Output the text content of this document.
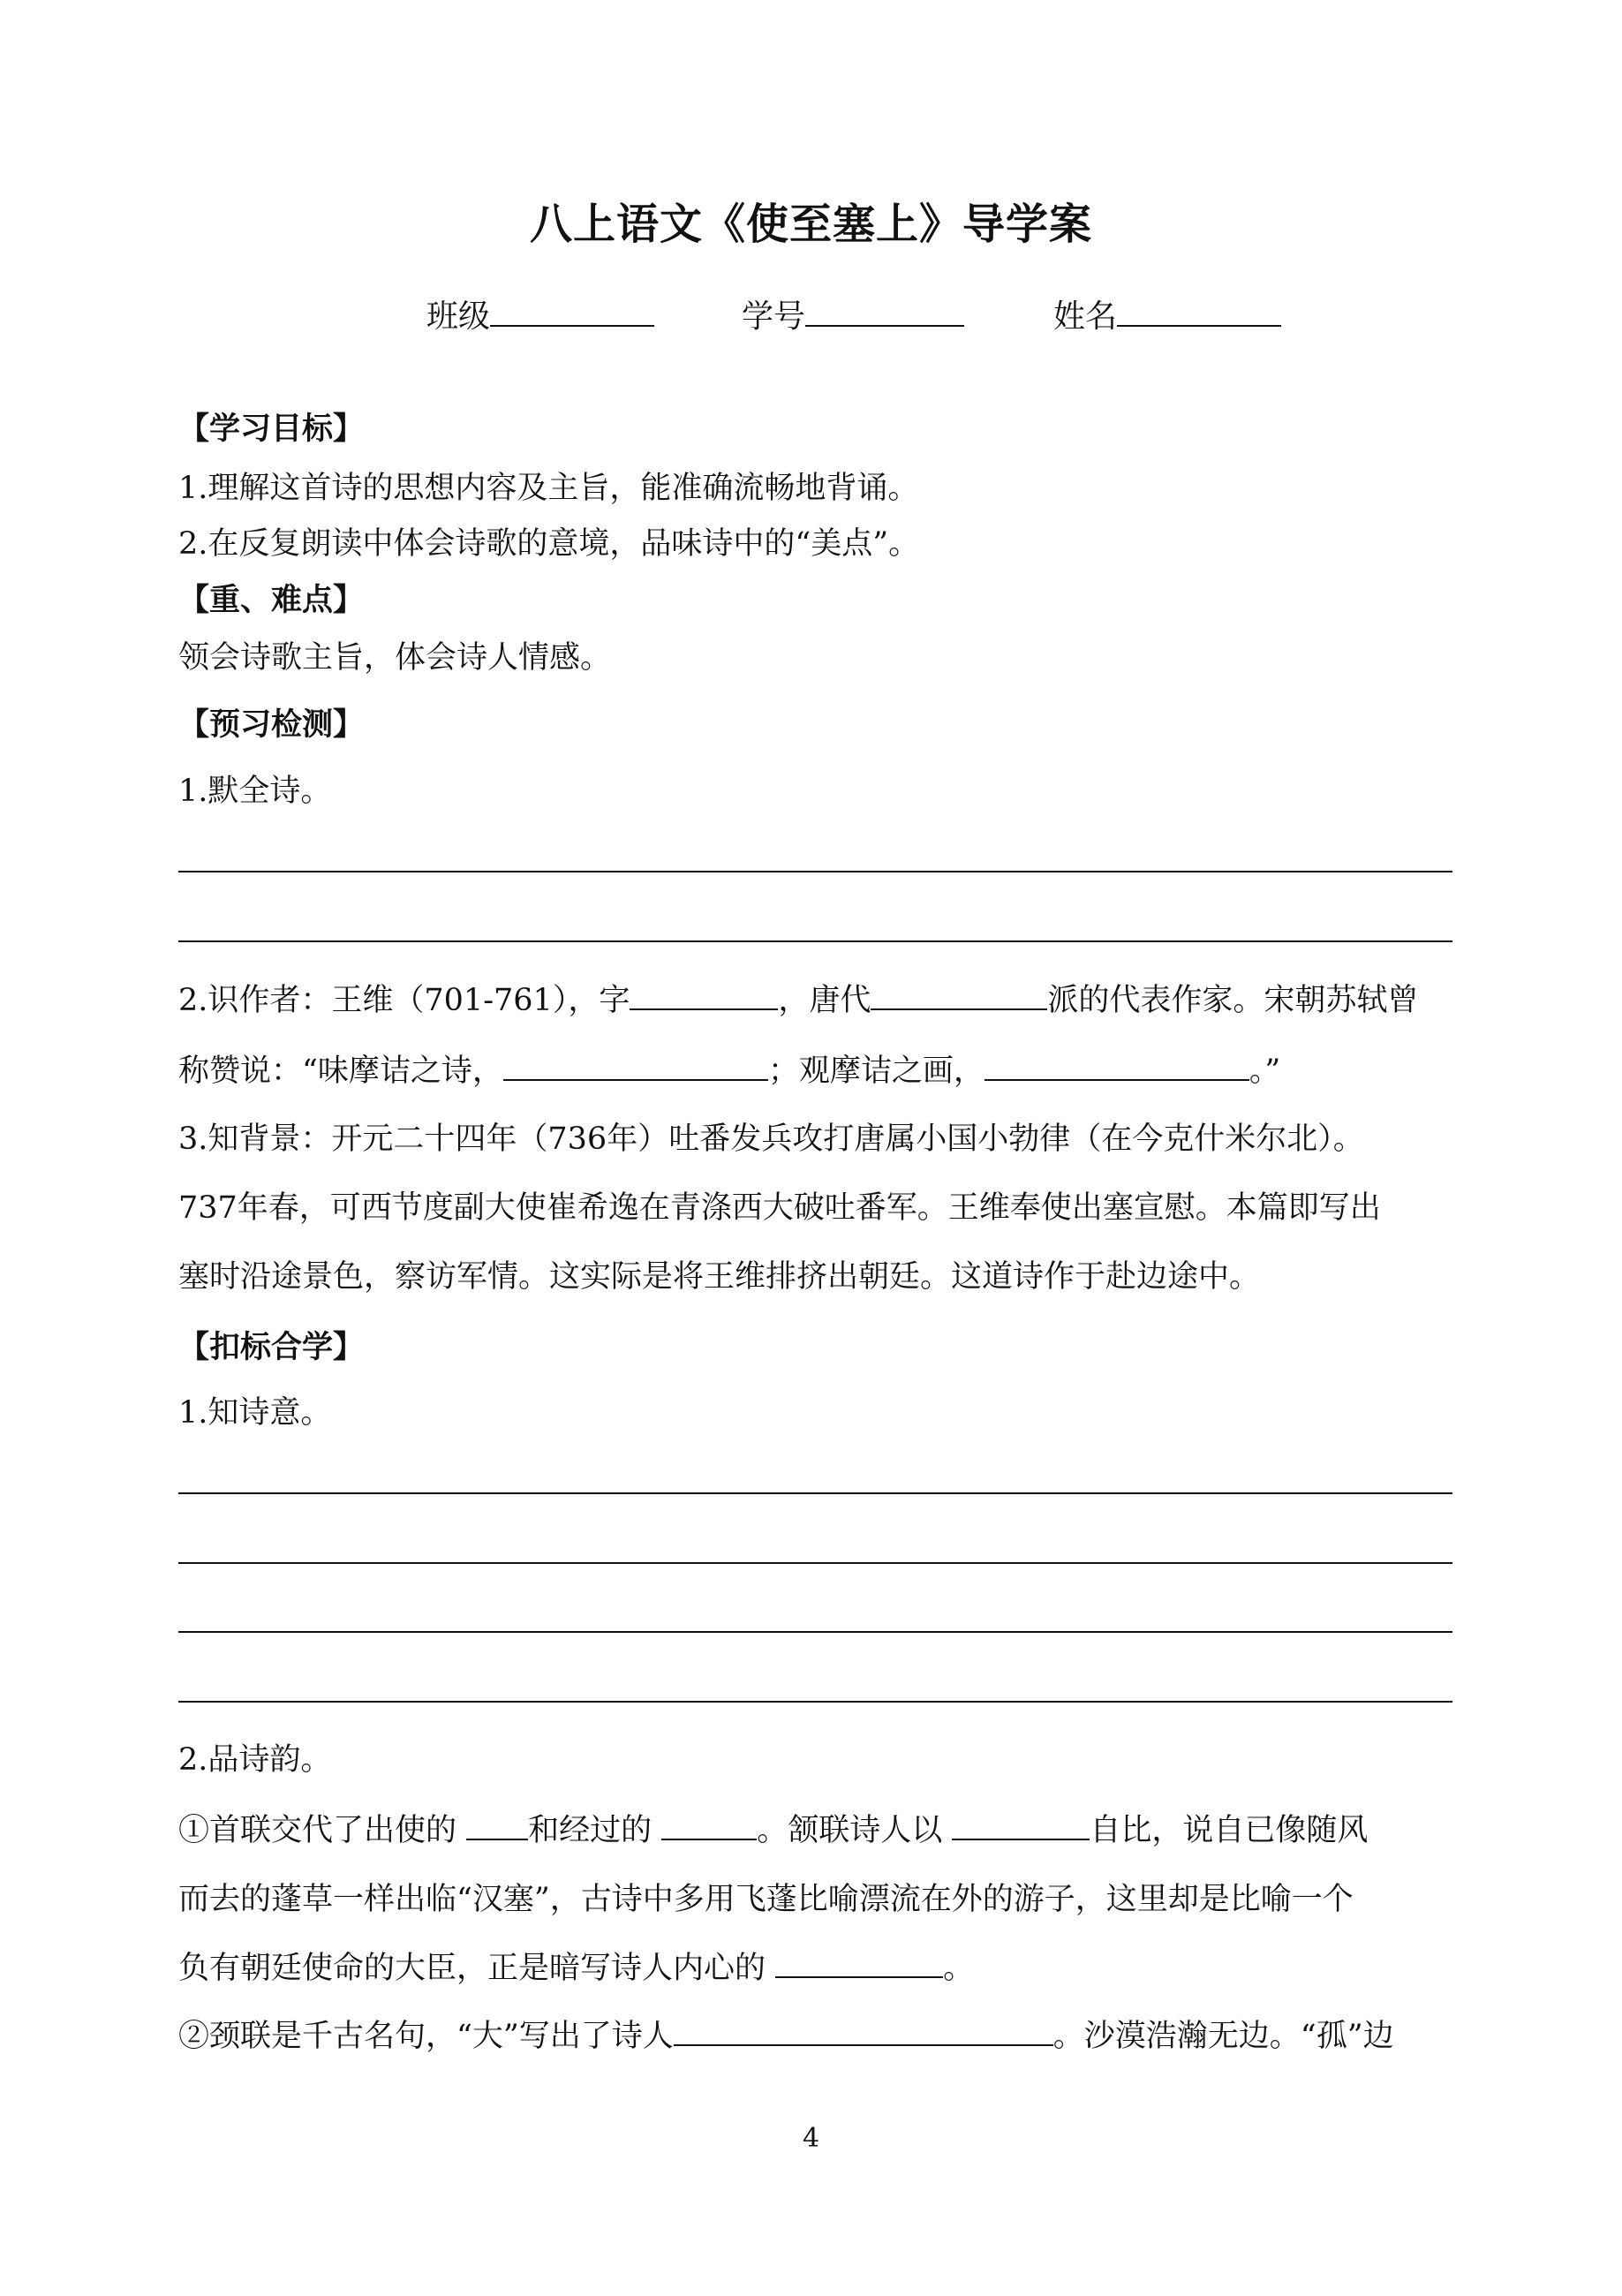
八上语文《使至塞上》导学案
班级	学号	姓名
【学习目标】
1.理解这首诗的思想内容及主旨，能准确流畅地背诵。
2.在反复朗读中体会诗歌的意境，品味诗中的“美点”。
【重、难点】
领会诗歌主旨，体会诗人情感。
【预习检测】
1.默全诗。
2.识作者：王维（701-761），字	，唐代	派的代表作家。宋朝苏轼曾
称赞说：“味摩诘之诗，	；观摩诘之画，	。”
3.知背景：开元二十四年（736年）吐番发兵攻打唐属小国小勃律（在今克什米尔北）。
737年春，可西节度副大使崔希逸在青涤西大破吐番军。王维奉使出塞宣慰。本篇即写出
塞时沿途景色，察访军情。这实际是将王维排挤出朝廷。这道诗作于赴边途中。
【扣标合学】
1.知诗意。
2.品诗韵。
①首联交代了出使的 和经过的	。颔联诗人以	自比，说自已像随风
而去的蓬草一样出临“汉塞”，古诗中多用飞蓬比喻漂流在外的游子，这里却是比喻一个
负有朝廷使命的大臣，正是暗写诗人内心的	。
②颈联是千古名句，“大”写出了诗人	。沙漠浩瀚无边。“孤”边
4
